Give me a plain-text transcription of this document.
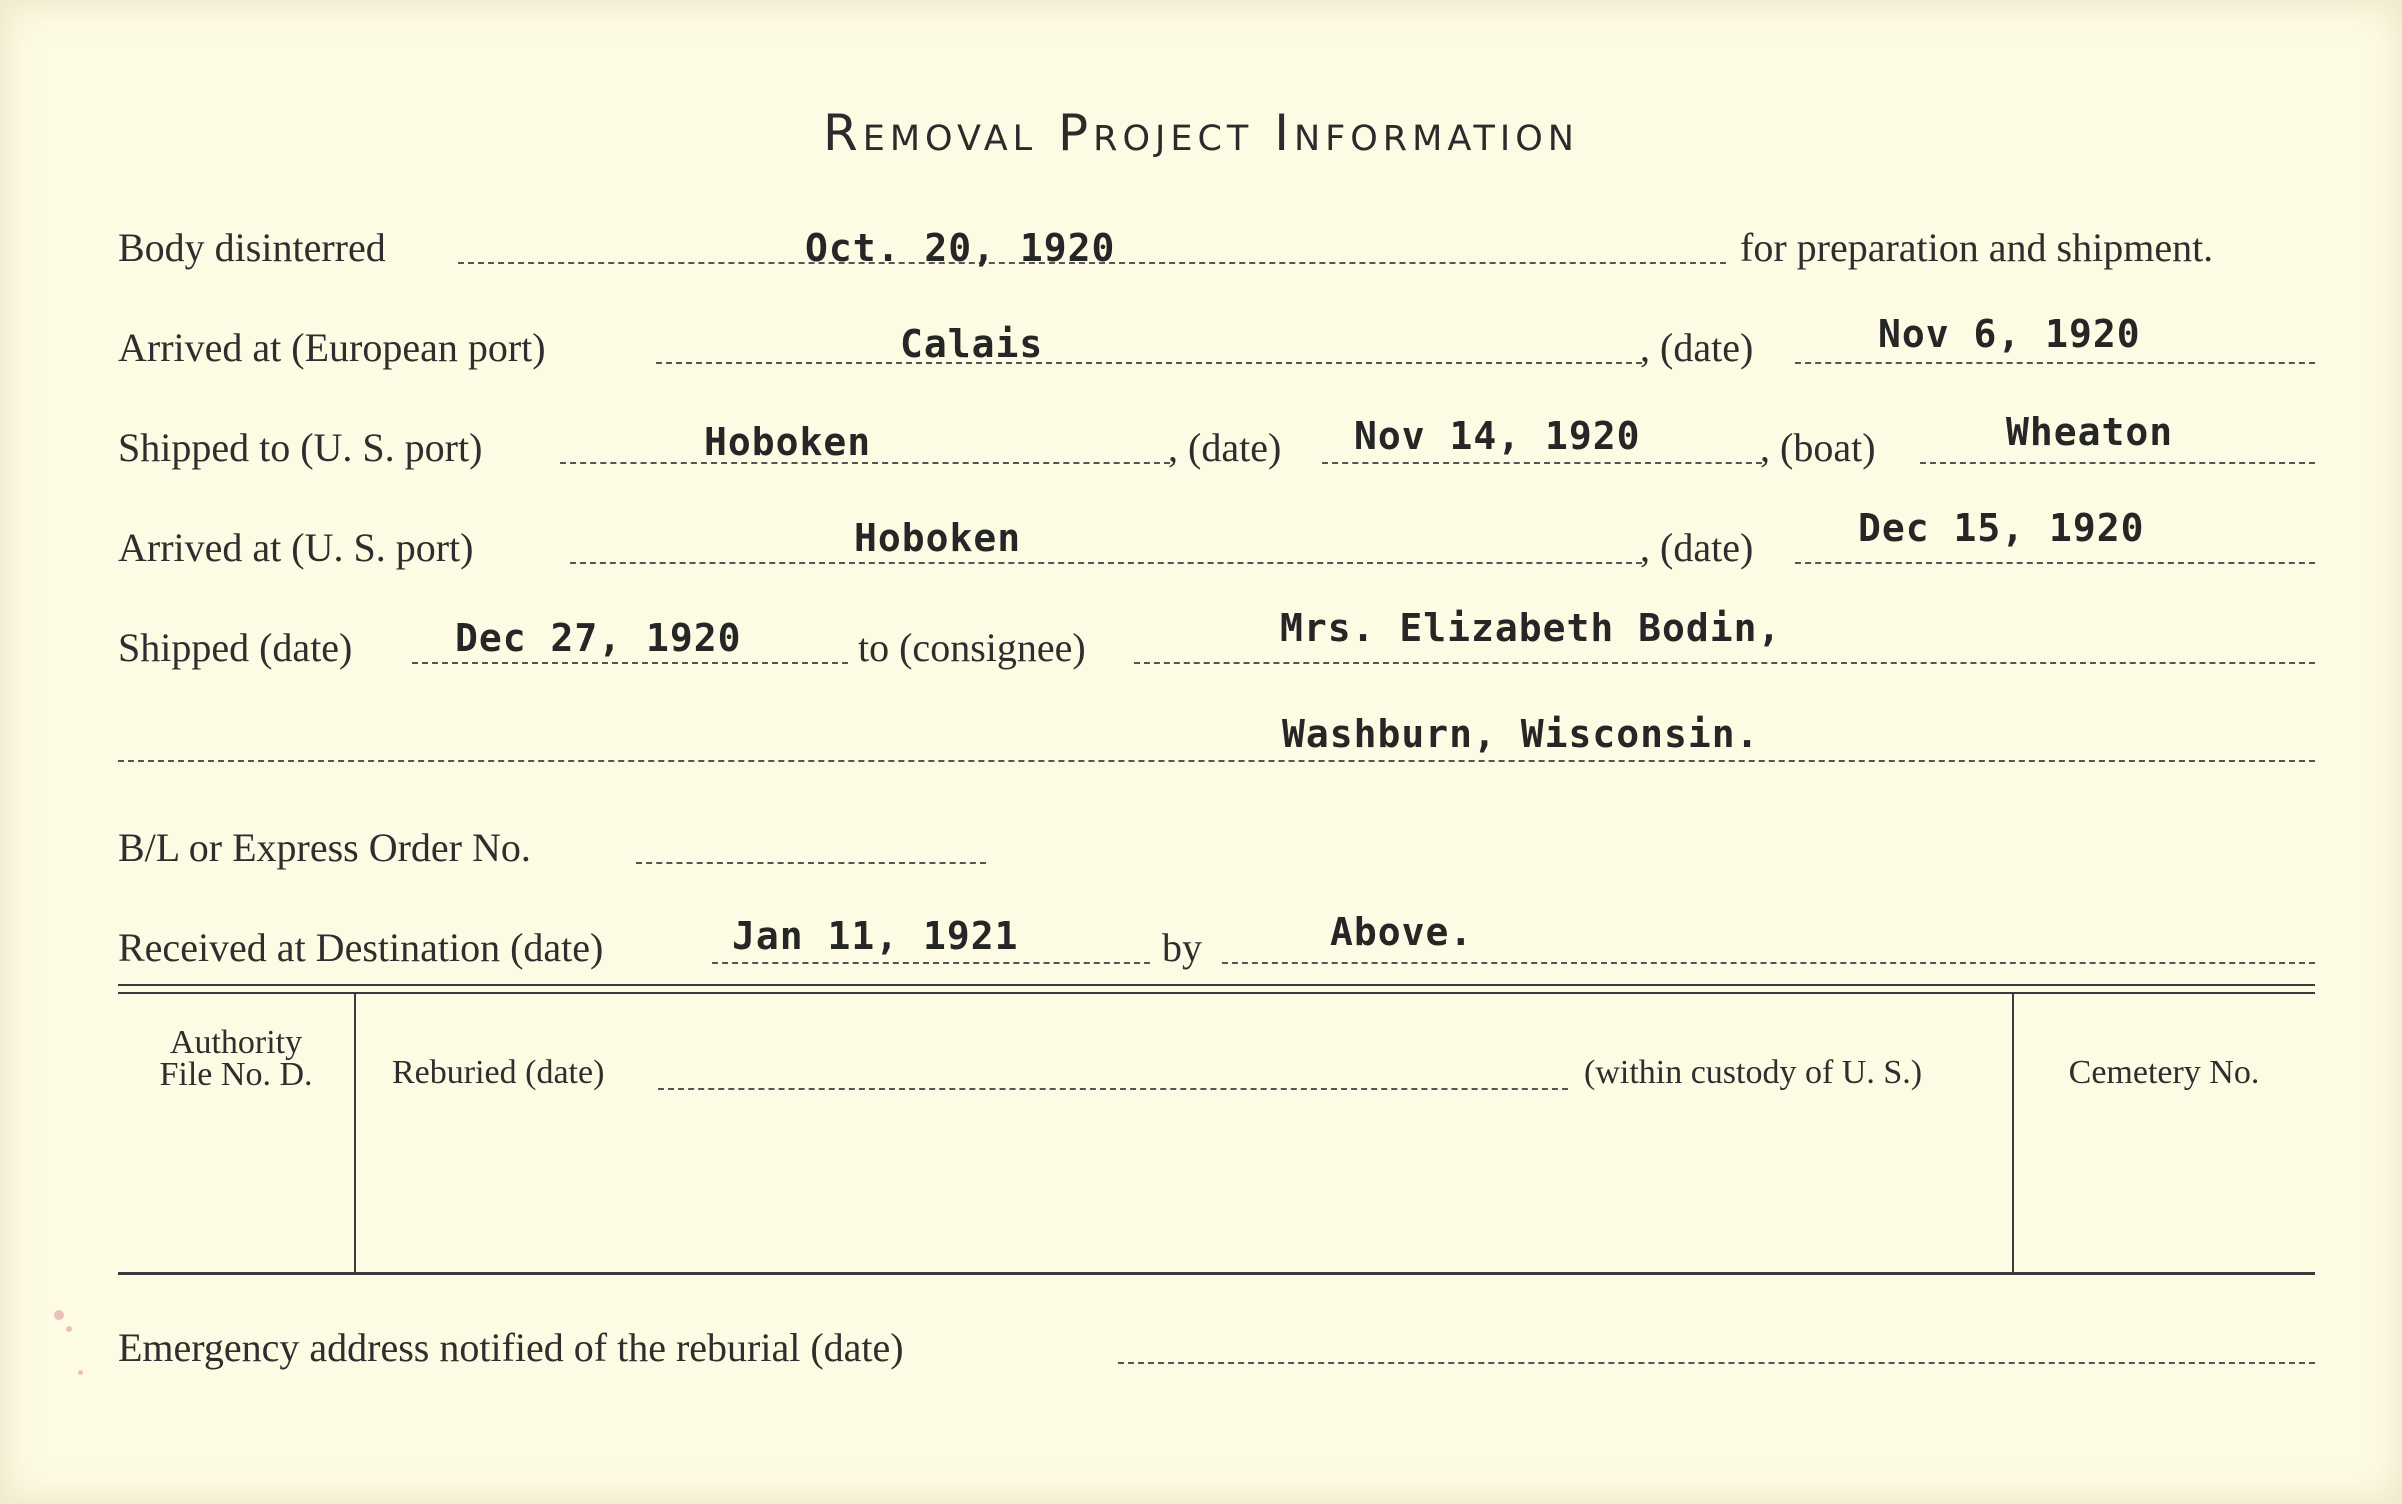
Removal Project Information
Body disinterred	Oct. 20, 1920	for preparation and shipment.
Arrived at (European port)	Calais	, (date)	Nov 6, 1920
Shipped to (U. S. port)	Hoboken	, (date) Nov 14, 1920	, (boat)	Wheaton
Arrived at (U. S. port)	Hoboken	, (date)	Dec 15, 1920
Shipped (date)	Dec 27, 1920	to (consignee)	Mrs. Elizabeth Bodin,
Washburn, Wisconsin.
B/L or Express Order No.
Received at Destination (date)	Jan 11, 1921	by	Above.
Authority
File No. D.	Reburied (date)	(within custody of U. S.)	Cemetery No.
Emergency address notified of the reburial (date)
